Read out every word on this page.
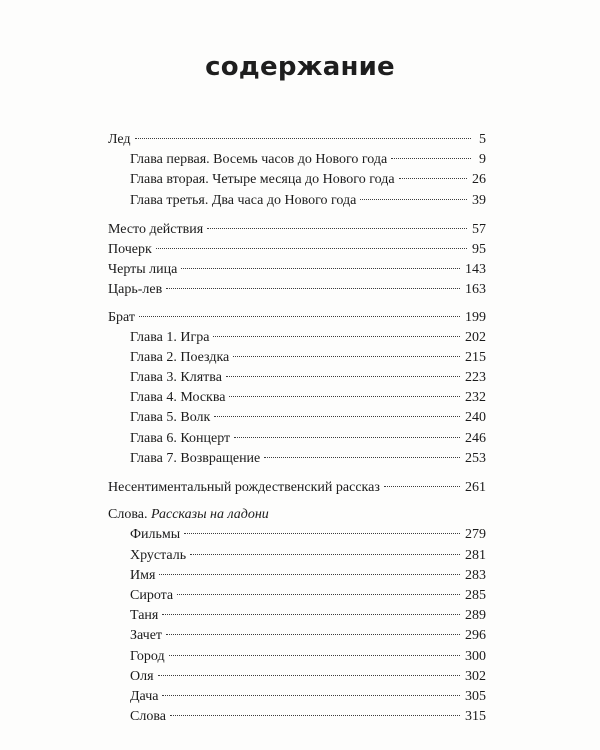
содержание
Лед	5
Глава первая. Восемь часов до Нового года	9
Глава вторая. Четыре месяца до Нового года	26
Глава третья. Два часа до Нового года	39
Место действия	57
Почерк	95
Черты лица	143
Царь-лев	163
Брат	199
Глава 1. Игра	202
Глава 2. Поездка	215
Глава 3. Клятва	223
Глава 4. Москва	232
Глава 5. Волк	240
Глава 6. Концерт	246
Глава 7. Возвращение	253
Несентиментальный рождественский рассказ	261
Слова. Рассказы на ладони
Фильмы	279
Хрусталь	281
Имя	283
Сирота	285
Таня	289
Зачет	296
Город	300
Оля	302
Дача	305
Слова	315
